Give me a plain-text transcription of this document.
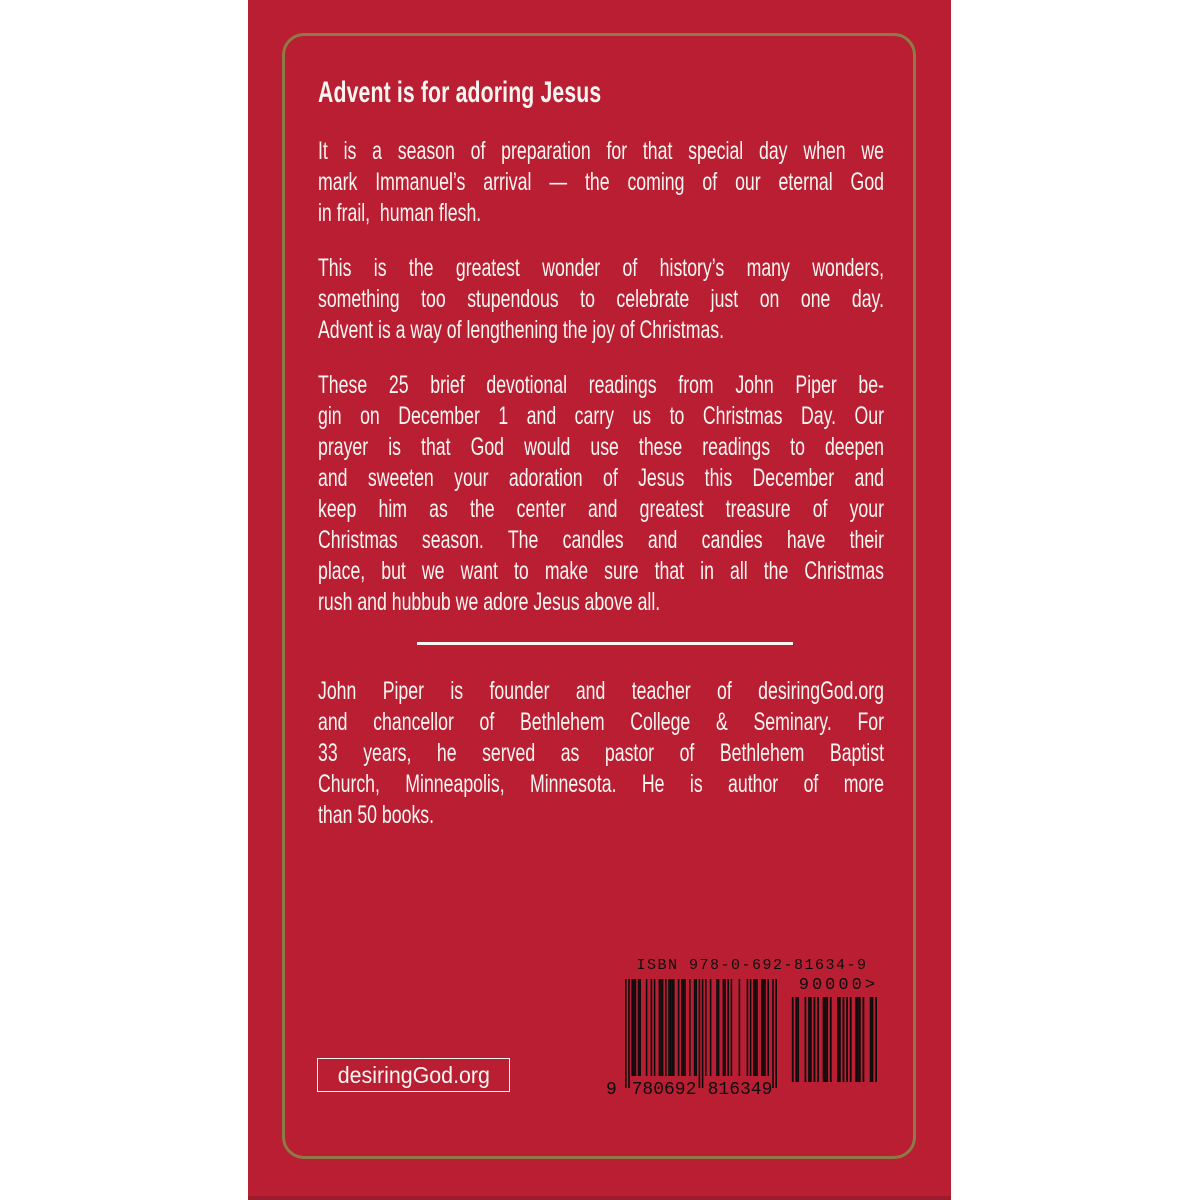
Advent is for adoring Jesus
It is a season of preparation for that special day when we
mark Immanuel’s arrival — the coming of our eternal God
in frail,  human flesh.
This is the greatest wonder of history’s many wonders,
something too stupendous to celebrate just on one day.
Advent is a way of lengthening the joy of Christmas.
These 25 brief devotional readings from John Piper be-
gin on December 1 and carry us to Christmas Day. Our
prayer is that God would use these readings to deepen
and sweeten your adoration of Jesus this December and
keep him as the center and greatest treasure of your
Christmas season. The candles and candies have their
place, but we want to make sure that in all the Christmas
rush and hubbub we adore Jesus above all.
John Piper is founder and teacher of desiringGod.org
and chancellor of Bethlehem College & Seminary. For
33 years, he served as pastor of Bethlehem Baptist
Church, Minneapolis, Minnesota. He is author of more
than 50 books.
ISBN 978-0-692-81634-9
90000>
9 780692 816349
desiringGod.org
